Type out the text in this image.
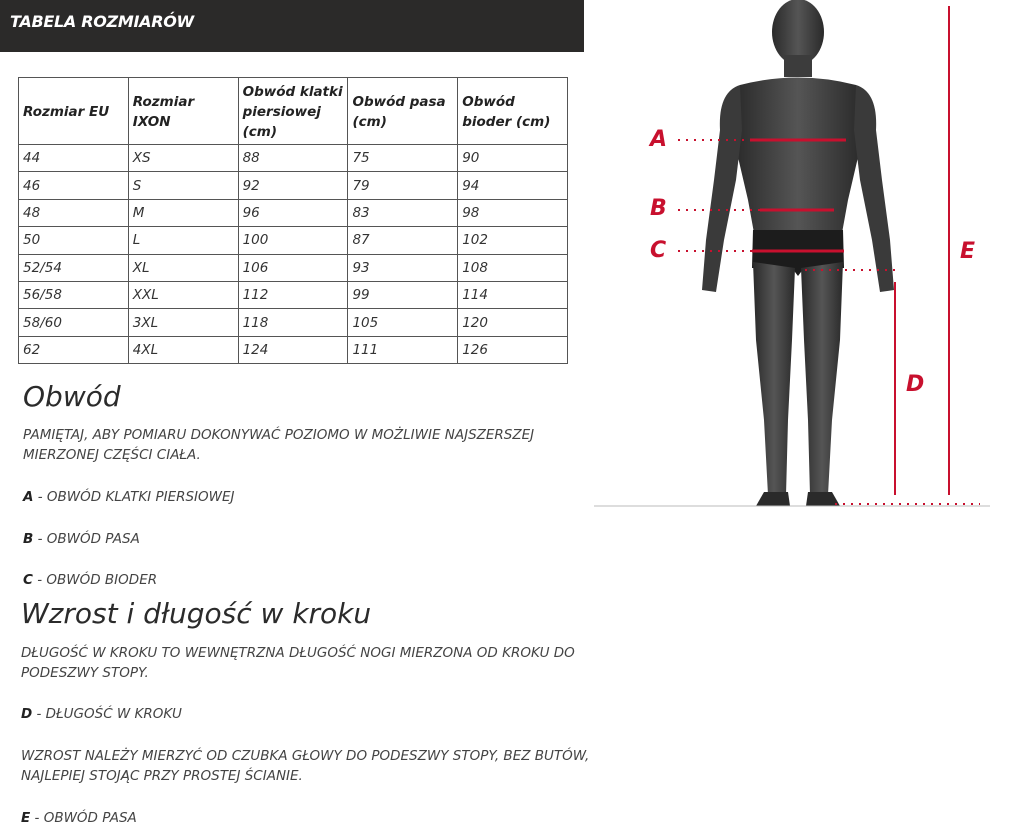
TABELA ROZMIARÓW
Rozmiar EU	Rozmiar IXON	Obwód klatki piersiowej (cm)	Obwód pasa (cm)	Obwód bioder (cm)
44	XS	88	75	90
46	S	92	79	94
48	M	96	83	98
50	L	100	87	102
52/54	XL	106	93	108
56/58	XXL	112	99	114
58/60	3XL	118	105	120
62	4XL	124	111	126
Obwód
PAMIĘTAJ, ABY POMIARU DOKONYWAĆ POZIOMO W MOŻLIWIE NAJSZERSZEJ MIERZONEJ CZĘŚCI CIAŁA.
A - OBWÓD KLATKI PIERSIOWEJ
B - OBWÓD PASA
C - OBWÓD BIODER
Wzrost i długość w kroku
DŁUGOŚĆ W KROKU TO WEWNĘTRZNA DŁUGOŚĆ NOGI MIERZONA OD KROKU DO PODESZWY STOPY.
D - DŁUGOŚĆ W KROKU
WZROST NALEŻY MIERZYĆ OD CZUBKA GŁOWY DO PODESZWY STOPY, BEZ BUTÓW, NAJLEPIEJ STOJĄC PRZY PROSTEJ ŚCIANIE.
E - OBWÓD PASA
A
B
C
D
E
